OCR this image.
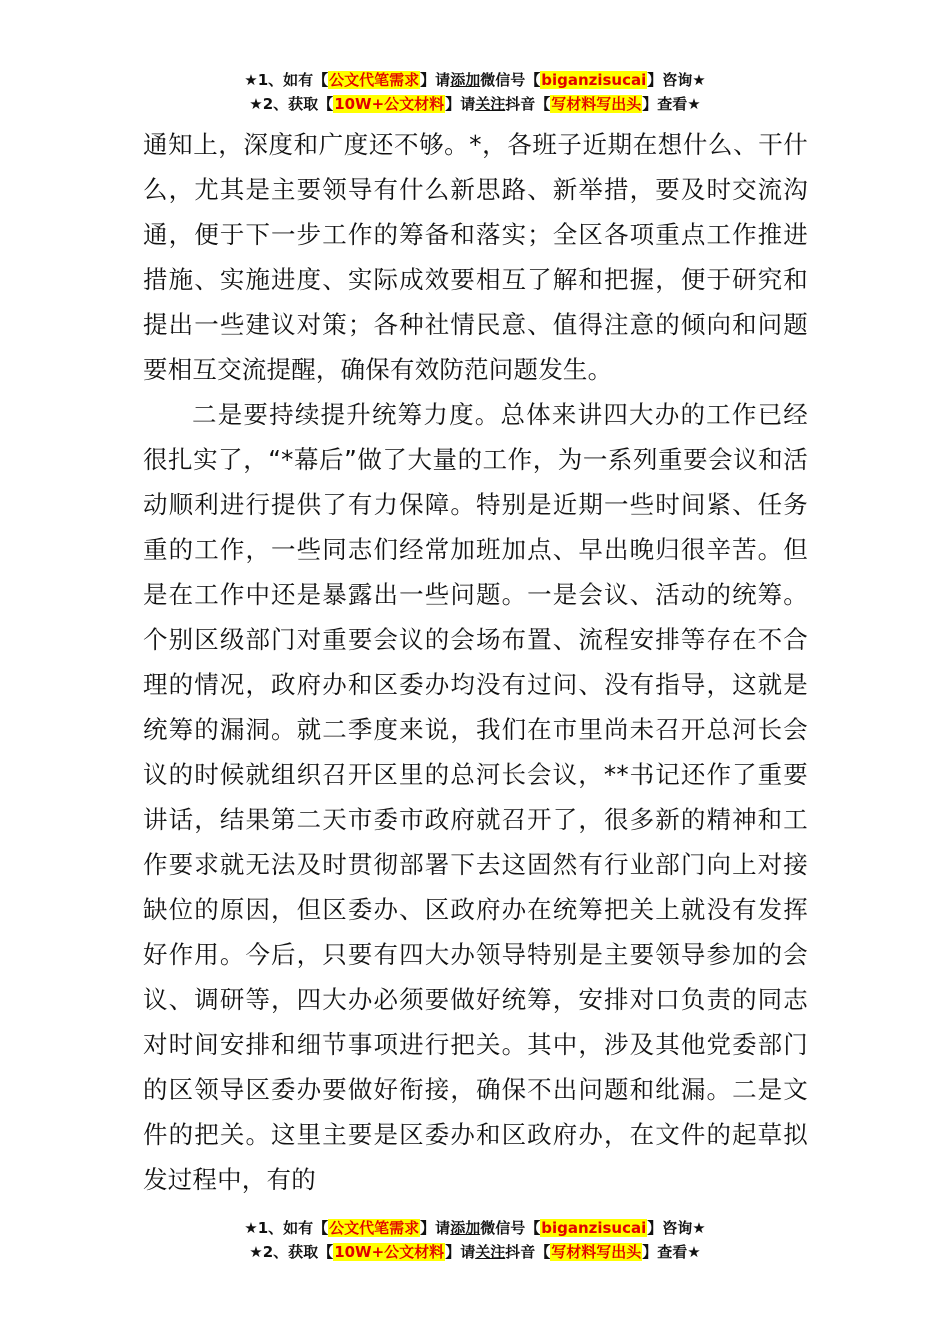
★1、如有【公文代笔需求】请添加微信号【biganzisucai】咨询★
★2、获取【10W+公文材料】请关注抖音【写材料写出头】查看★

通知上，深度和广度还不够。*，各班子近期在想什么、干什么，尤其是主要领导有什么新思路、新举措，要及时交流沟通，便于下一步工作的筹备和落实；全区各项重点工作推进措施、实施进度、实际成效要相互了解和把握，便于研究和提出一些建议对策；各种社情民意、值得注意的倾向和问题要相互交流提醒，确保有效防范问题发生。

二是要持续提升统筹力度。总体来讲四大办的工作已经很扎实了，“*幕后”做了大量的工作，为一系列重要会议和活动顺利进行提供了有力保障。特别是近期一些时间紧、任务重的工作，一些同志们经常加班加点、早出晚归很辛苦。但是在工作中还是暴露出一些问题。一是会议、活动的统筹。个别区级部门对重要会议的会场布置、流程安排等存在不合理的情况，政府办和区委办均没有过问、没有指导，这就是统筹的漏洞。就二季度来说，我们在市里尚未召开总河长会议的时候就组织召开区里的总河长会议，**书记还作了重要讲话，结果第二天市委市政府就召开了，很多新的精神和工作要求就无法及时贯彻部署下去这固然有行业部门向上对接缺位的原因，但区委办、区政府办在统筹把关上就没有发挥好作用。今后，只要有四大办领导特别是主要领导参加的会议、调研等，四大办必须要做好统筹，安排对口负责的同志对时间安排和细节事项进行把关。其中，涉及其他党委部门的区领导区委办要做好衔接，确保不出问题和纰漏。二是文件的把关。这里主要是区委办和区政府办，在文件的起草拟发过程中，有的

★1、如有【公文代笔需求】请添加微信号【biganzisucai】咨询★
★2、获取【10W+公文材料】请关注抖音【写材料写出头】查看★
